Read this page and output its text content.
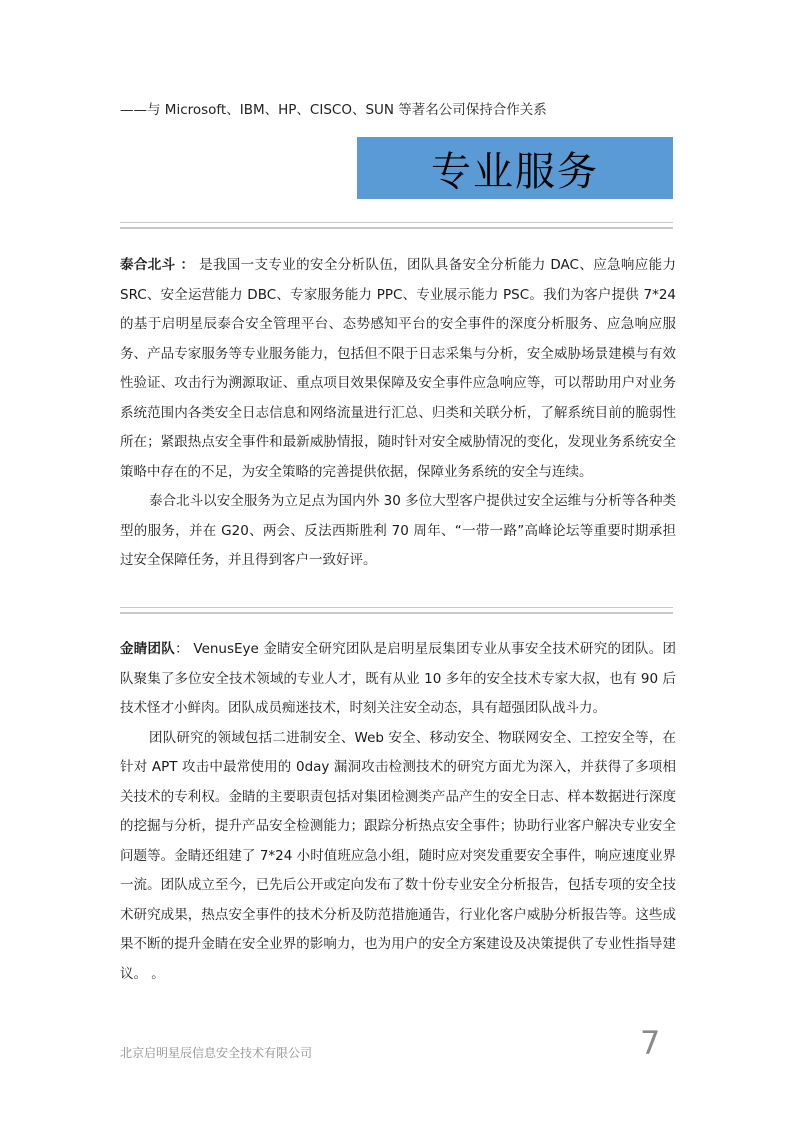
——与 Microsoft、IBM、HP、CISCO、SUN 等著名公司保持合作关系
专业服务

泰合北斗 ： 是我国一支专业的安全分析队伍，团队具备安全分析能力 DAC、应急响应能力 SRC、安全运营能力 DBC、专家服务能力 PPC、专业展示能力 PSC。我们为客户提供 7*24 的基于启明星辰泰合安全管理平台、态势感知平台的安全事件的深度分析服务、应急响应服务、产品专家服务等专业服务能力，包括但不限于日志采集与分析，安全威胁场景建模与有效性验证、攻击行为溯源取证、重点项目效果保障及安全事件应急响应等，可以帮助用户对业务系统范围内各类安全日志信息和网络流量进行汇总、归类和关联分析，了解系统目前的脆弱性所在；紧跟热点安全事件和最新威胁情报，随时针对安全威胁情况的变化，发现业务系统安全策略中存在的不足，为安全策略的完善提供依据，保障业务系统的安全与连续。

泰合北斗以安全服务为立足点为国内外 30 多位大型客户提供过安全运维与分析等各种类型的服务，并在 G20、两会、反法西斯胜利 70 周年、“一带一路”高峰论坛等重要时期承担过安全保障任务，并且得到客户一致好评。

金睛团队： VenusEye 金睛安全研究团队是启明星辰集团专业从事安全技术研究的团队。团队聚集了多位安全技术领域的专业人才，既有从业 10 多年的安全技术专家大叔，也有 90 后技术怪才小鲜肉。团队成员痴迷技术，时刻关注安全动态，具有超强团队战斗力。

团队研究的领域包括二进制安全、Web 安全、移动安全、物联网安全、工控安全等，在针对 APT 攻击中最常使用的 0day 漏洞攻击检测技术的研究方面尤为深入，并获得了多项相关技术的专利权。金睛的主要职责包括对集团检测类产品产生的安全日志、样本数据进行深度的挖掘与分析，提升产品安全检测能力；跟踪分析热点安全事件；协助行业客户解决专业安全问题等。金睛还组建了 7*24 小时值班应急小组，随时应对突发重要安全事件，响应速度业界一流。团队成立至今，已先后公开或定向发布了数十份专业安全分析报告，包括专项的安全技术研究成果，热点安全事件的技术分析及防范措施通告，行业化客户威胁分析报告等。这些成果不断的提升金睛在安全业界的影响力，也为用户的安全方案建设及决策提供了专业性指导建议。 。

北京启明星辰信息安全技术有限公司	7
